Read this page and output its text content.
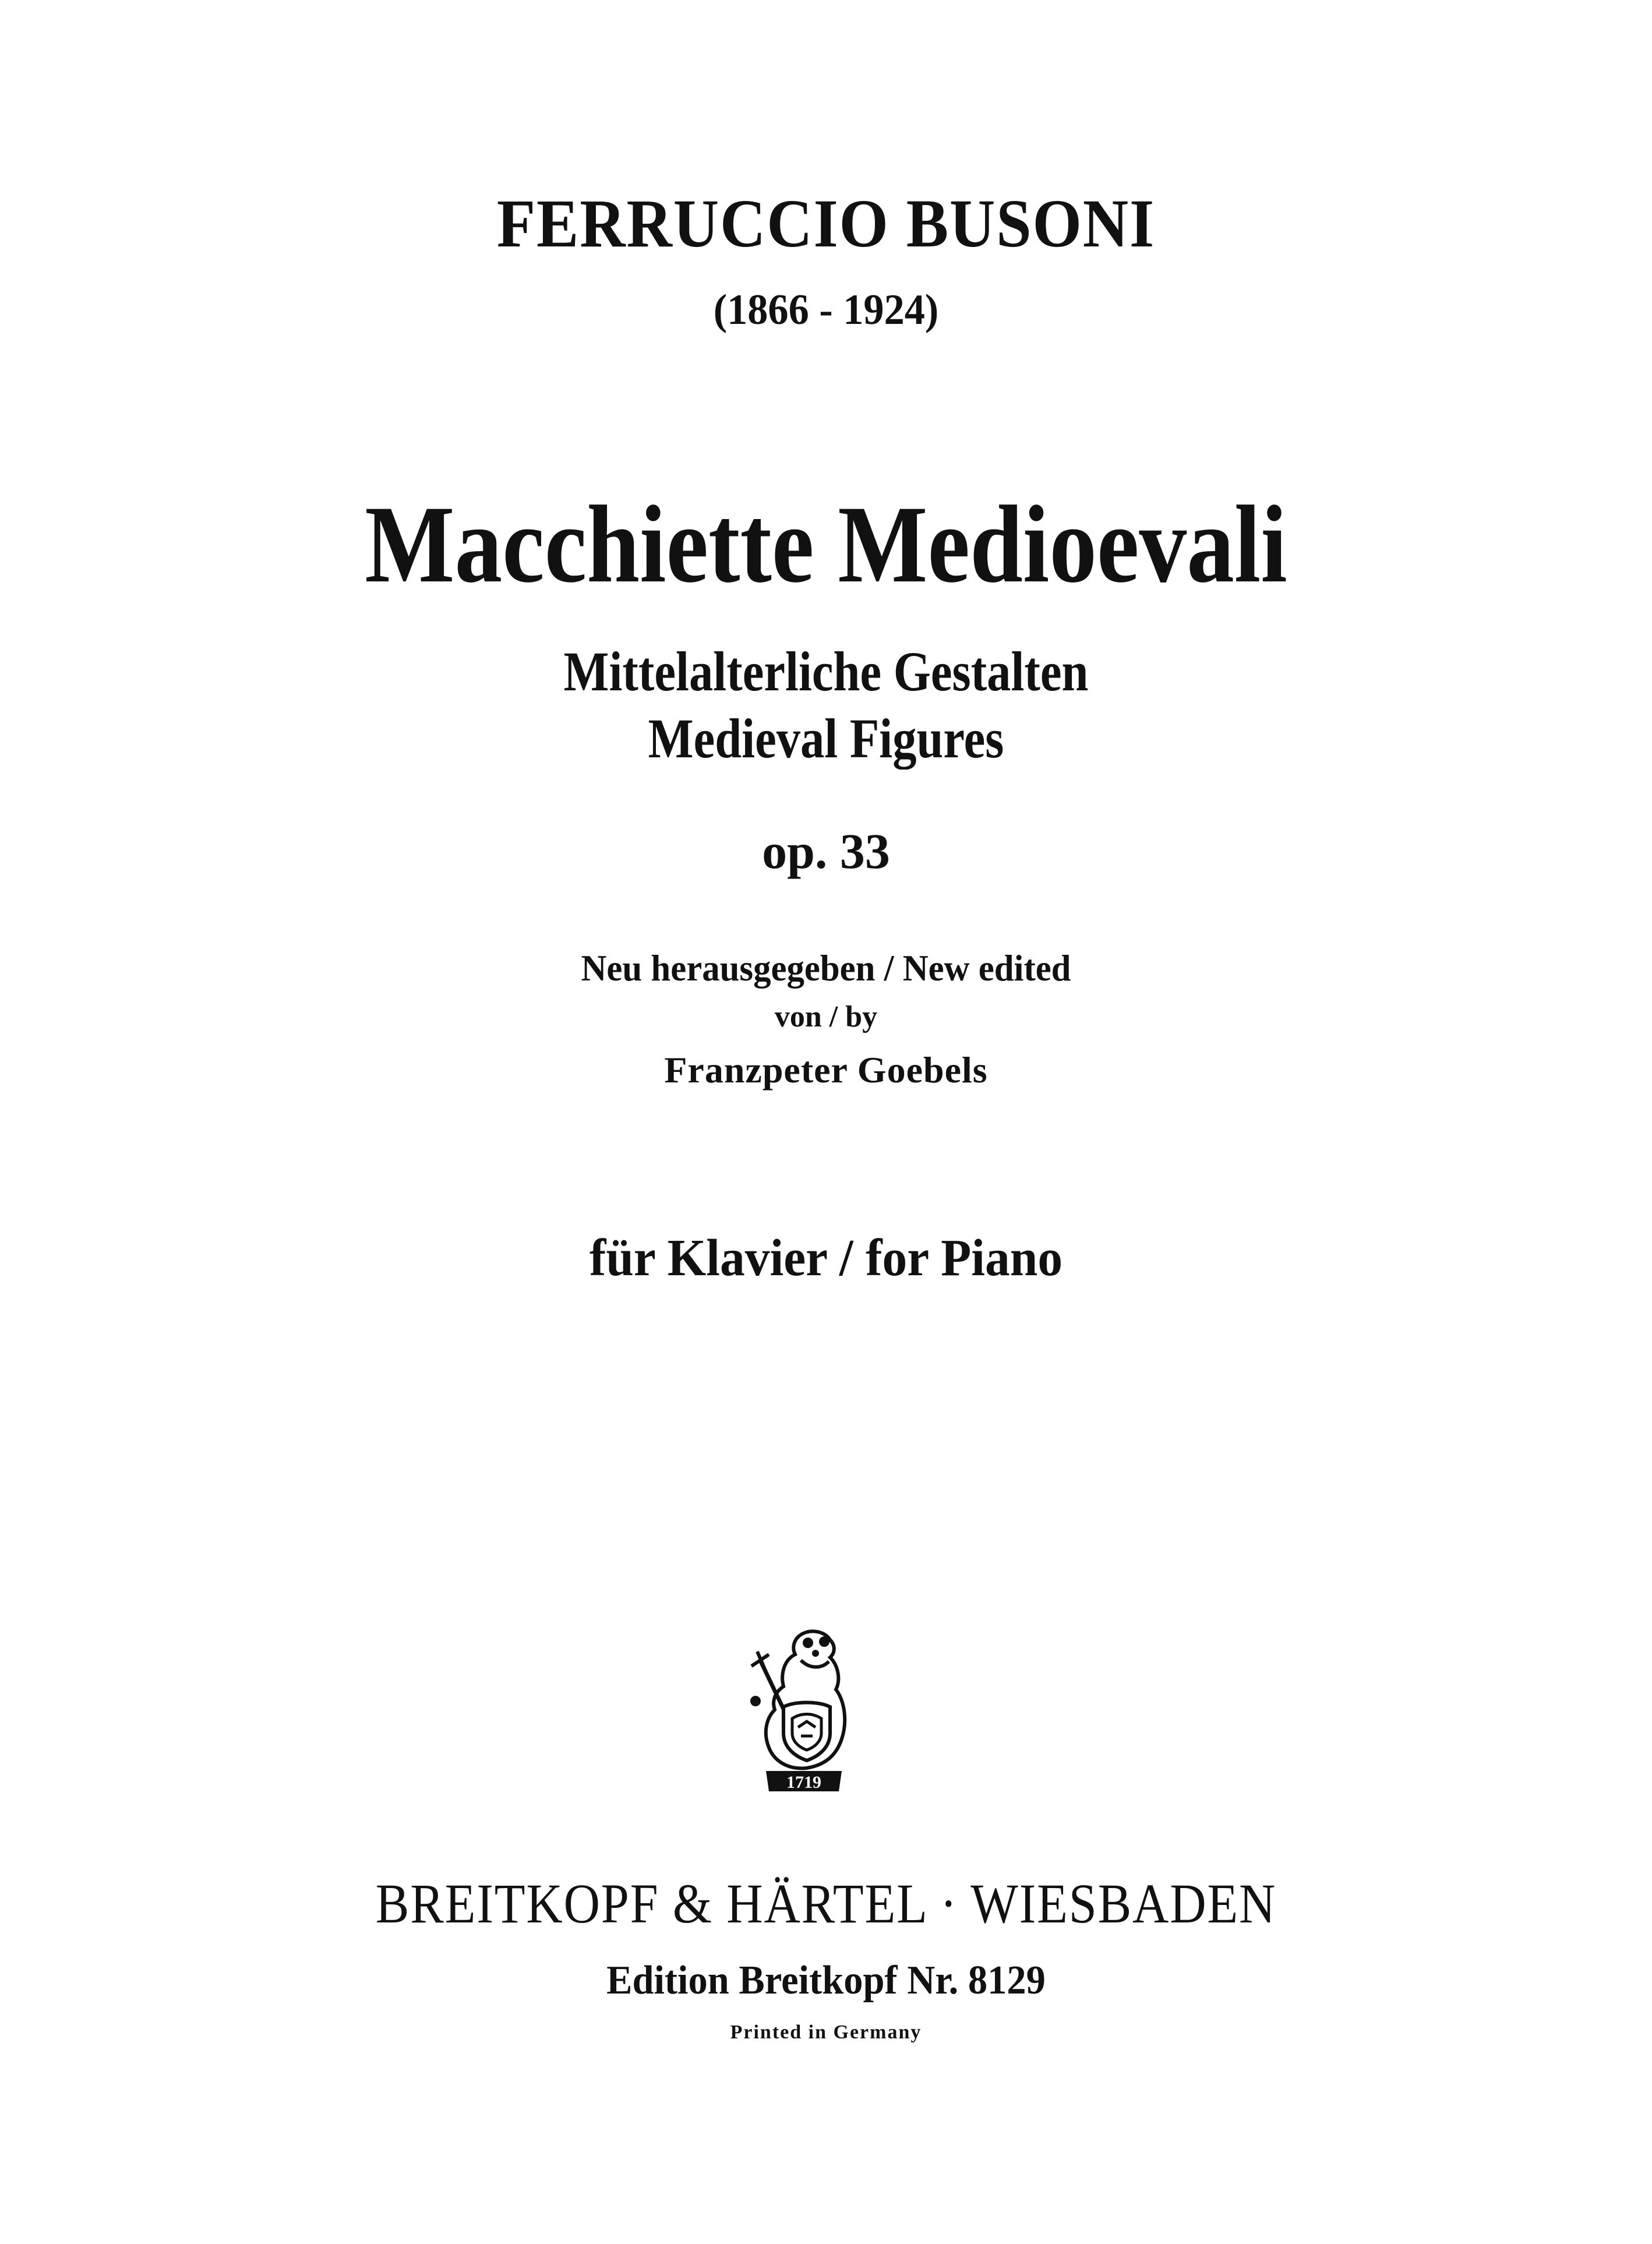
FERRUCCIO BUSONI
(1866 - 1924)
Macchiette Medioevali
Mittelalterliche Gestalten
Medieval Figures
op. 33
Neu herausgegeben / New edited
von / by
Franzpeter Goebels
für Klavier / for Piano
1719
BREITKOPF & HÄRTEL · WIESBADEN
Edition Breitkopf Nr. 8129
Printed in Germany
